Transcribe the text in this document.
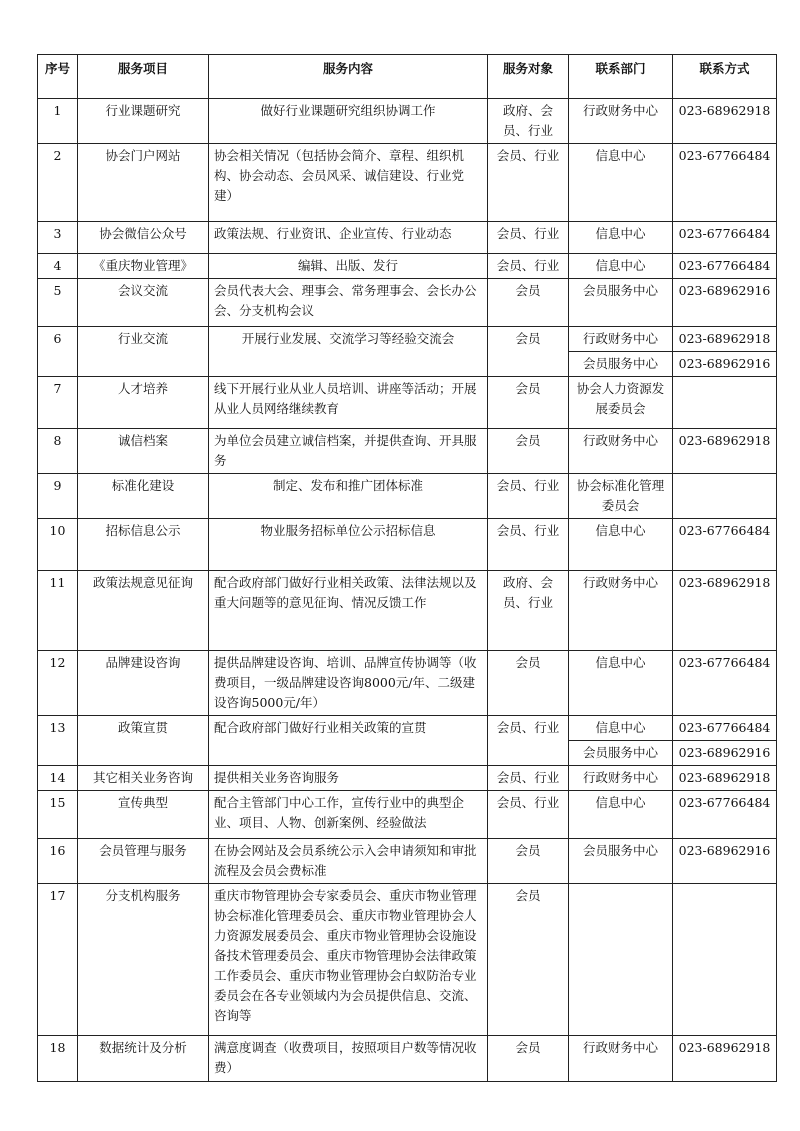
序号	服务项目	服务内容	服务对象	联系部门	联系方式
1	行业课题研究	做好行业课题研究组织协调工作	政府、会员、行业	行政财务中心	023-68962918
2	协会门户网站	协会相关情况（包括协会简介、章程、组织机构、协会动态、会员风采、诚信建设、行业党建）	会员、行业	信息中心	023-67766484
3	协会微信公众号	政策法规、行业资讯、企业宣传、行业动态	会员、行业	信息中心	023-67766484
4	《重庆物业管理》	编辑、出版、发行	会员、行业	信息中心	023-67766484
5	会议交流	会员代表大会、理事会、常务理事会、会长办公会、分支机构会议	会员	会员服务中心	023-68962916
6	行业交流	开展行业发展、交流学习等经验交流会	会员	行政财务中心	023-68962918
				会员服务中心	023-68962916
7	人才培养	线下开展行业从业人员培训、讲座等活动；开展从业人员网络继续教育	会员	协会人力资源发展委员会	
8	诚信档案	为单位会员建立诚信档案，并提供查询、开具服务	会员	行政财务中心	023-68962918
9	标准化建设	制定、发布和推广团体标准	会员、行业	协会标准化管理委员会	
10	招标信息公示	物业服务招标单位公示招标信息	会员、行业	信息中心	023-67766484
11	政策法规意见征询	配合政府部门做好行业相关政策、法律法规以及重大问题等的意见征询、情况反馈工作	政府、会员、行业	行政财务中心	023-68962918
12	品牌建设咨询	提供品牌建设咨询、培训、品牌宣传协调等（收费项目，一级品牌建设咨询8000元/年、二级建设咨询5000元/年）	会员	信息中心	023-67766484
13	政策宣贯	配合政府部门做好行业相关政策的宣贯	会员、行业	信息中心	023-67766484
				会员服务中心	023-68962916
14	其它相关业务咨询	提供相关业务咨询服务	会员、行业	行政财务中心	023-68962918
15	宣传典型	配合主管部门中心工作，宣传行业中的典型企业、项目、人物、创新案例、经验做法	会员、行业	信息中心	023-67766484
16	会员管理与服务	在协会网站及会员系统公示入会申请须知和审批流程及会员会费标准	会员	会员服务中心	023-68962916
17	分支机构服务	重庆市物管理协会专家委员会、重庆市物业管理协会标准化管理委员会、重庆市物业管理协会人力资源发展委员会、重庆市物业管理协会设施设备技术管理委员会、重庆市物管理协会法律政策工作委员会、重庆市物业管理协会白蚁防治专业委员会在各专业领域内为会员提供信息、交流、咨询等	会员		
18	数据统计及分析	满意度调查（收费项目，按照项目户数等情况收费）	会员	行政财务中心	023-68962918
